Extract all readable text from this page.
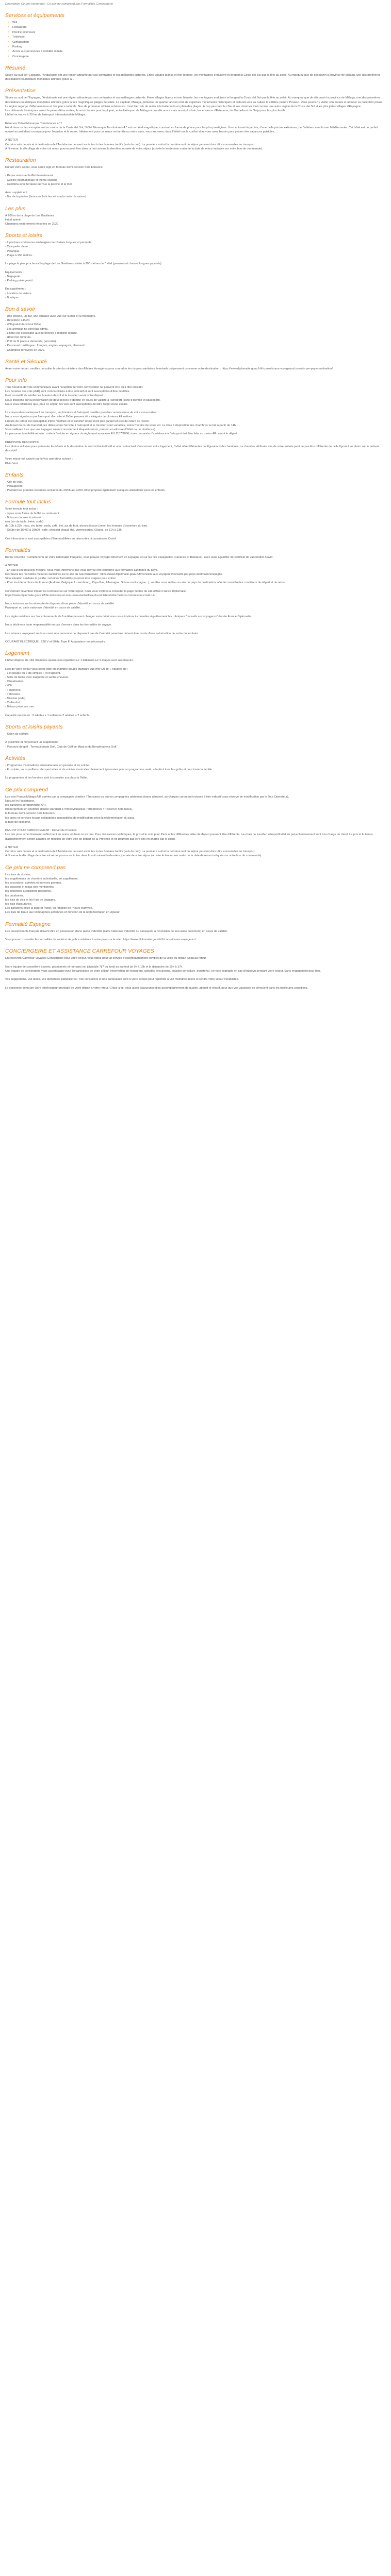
Description Ce prix comprend : Ce prix ne comprend pas Formalités Conciergerie

Services et équipements
✓ Wifi
✓ Restaurant
✓ Piscine extérieure
✓ Télévision
✓ Climatisation
✓ Parking
✓ Accès aux personnes à mobilité réduite
✓ Conciergerie
Résumé

Située au sud de l'Espagne, l'Andalousie est une région attirante par ses contrastes et ses mélanges culturels. Entre villages blancs et mer bleutée, les montagnes enduisent et longent la Costa del Sol que la fête au soleil. Au marquez que de découvrir la province de Málaga, une des premières destinations touristiques mondiales attirante grâce à...

Présentation

Située au sud de l'Espagne, l'Andalousie est une région attirante par ses contrastes et ses mélanges culturels. Entre villages blancs et mer bleutée, les montagnes enduisent et longent la Costa del Sol que la fête au soleil. Au marquez que de découvrir la province de Málaga, une des premières destinations touristiques mondiales attirante grâce à ses magnifiques plages de sable. La capitale, Málaga, présente un quartier ancien orné de superbes monuments historiques et culturels et à sa culture la célèbre peintre Picasso. Vous pourrez y visiter son musée et admirer sa collection privée. La région regorge d'effervescence et des parcs naturels. Non de promener et lieux à découvrir. Il est bien sûr de rester à la belle verts en plein des plages. À cap parcourir la côte et ses charmes tout comme une autre région de la Costa del Sol si les plus jolies villages d'Espagne.

Les bâtiments historiques valent la peine d'être visités, ils sont classés pour la plupart, entre l'aéroport de Málaga à que découvrir mais aussi plus loin, les environs d'Estepona, de Marbella et de Nerja pour les plus festifs.

L'hôtel se trouve à 20 km de l'aéroport international de Málaga.

Réservez l'hôtel Monarque Torrobriones 4 * !

Hôtel dans un lieu exceptionnel au centre de la Costa del Sol, l'hôtel Monarque Torrobriones 4 * est un hôtel magnifique, construit en forme de phare pour les plus prestigieux. Il est entouré de jardins, d'une belle piscine extérieure, de l'intérieur vers la mer Méditerranée. Cet hôtel est un parfait nouvel accueil dans un espace pour l'évasion et le repos. Idéalement pour un séjour en famille ou entre amis, vous trouverez dans l'hôtel tout le confort dont vous avez besoin pour passer des vacances paisibles.

À NOTER

Certains vols depuis et à destination de l'Andalousie peuvent avoir lieu à des horaires tardifs (vols de nuit). La première nuit et la dernière nuit du séjour peuvent donc être concernées au transport.

À l'inverse, le décollage de votre vol retour pourra avoir lieu dans la nuit suivant la dernière journée de votre séjour (arrivée le lendemain matin de la date de retour indiquée sur votre bon de commande).

Restauration

Durant votre séjour, vous serez logé en formule demi-pension hors boissons.

- Repas servis au buffet du restaurant

- Cuisine internationale et thème cooking

- Cafétéria avec terrasse sur vue la piscine et la mer.

Avec supplément :

- Bar de la piscine (boissons fraîches et snacks selon la saison).

Les plus

À 200 m de la plage de Los Gavilanes

Hôtel animé

Chambres entièrement rénovées en 2020

Sports et loisirs

- 2 piscines extérieures aménagées de chaises longues et parasols.

- Casquette d'eau.

- Pétanque.

- Plage à 250 mètres.

Le plage la plus proche est la plage de Los Gavilanes située à 200 mètres de l'hôtel (parasols et chaises longues payants).

Équipements :

- Bagagerie.

- Parking privé gratuit.

En supplément :

- Location de voiture.

- Boutique.

Bon à savoir

- Une piscine, un bar, une terrasse avec vue sur la mer et la montagne.

- Réception 24h/24.

- Wifi gratuit dans tout l'hôtel.

- Les animaux ne sont pas admis.

- L'hôtel est accessible aux personnes à mobilité réduite.

- Hôtel non-fumeurs.

- Prêt de fil plat/sur demande, (sécurité).

- Personnel multilingue : français, anglais, espagnol, allemand.

- Chambres rénovées en 2020.

Santé et Sécurité

Avant votre départ, veuillez consulter le site du ministère des Affaires étrangères pour connaître les risques sanitaires éventuels qui peuvent concerner votre destination : https://www.diplomatie.gouv.fr/fr/conseils-aux-voyageurs/conseils-par-pays-destination/

Pour info

Tous horaires de vols communiqués avant réception de votre convocation ne peuvent être qu'à titre indicatif.

Les horaires des vols (A/R) sont communiqués à titre indicatif et sont susceptibles d'être modifiés.

Il est conseillé de vérifier les horaires de vol et le transfert avant votre départ.

Nous insistons sur la présentation de deux pièces d'identité en cours de validité à l'aéroport (carte d'identité et passeport).

Nous vous informons que, pour ce séjour, les vols sont susceptibles de faire l'objet d'une escale.

La convocation s'adressant au transport, les horaires et l'aéroport, veuillez prendre connaissance de votre convocation.

Nous vous signalons que l'aéroport d'arrivée et l'hôtel peuvent être éloignés de plusieurs kilomètres.

L'heure de retour est susceptible d'être modifiée et le transfert retour n'est pas garanti en cas de retard de l'avion.

Au départ du car de transfert, les délais entre l'arrivée à l'aéroport et le transfert sont variables, selon l'horaire de votre vol. La mise à disposition des chambres se fait à partir de 14h.

Vous veillerez à ce que vos bagages soient correctement étiquetés (nom, prénom et adresse d'hôtel ou de résidence).

La personne à mobilité réduite : suite à l'entrée en vigueur du règlement européen EU 1107/2006, toute demande d'assistance à l'aéroport doit être faite au moins 48h avant le départ.

PRÉCISION DESCRIPTIF

Les photos utilisées pour présenter les hôtels et la destination le sont à titre indicatif et non contractuel. Concernant votre logement, l'hôtel offre différentes configurations de chambres. La chambre attribuée lors de votre arrivée peut ne pas être différente de celle figurant en photo sur le présent descriptif.

Votre séjour est assuré par le/vos opérateur suivant :

Plein Vent

Enfants

- Aire de jeux.

- Pataugeoire.

- Pendant les grandes vacances scolaires du 20/06 au 10/09, hôtel propose également quelques animations pour les enfants.

Formule tout inclus

Votre formule tout inclus :

- repas sous forme de buffet au restaurant

- Boissons locales à volonté :

eau (vin de table, bière, soda)

de 10h à 23h : eau, vin, bière, soda, café, thé, jus de fruit, alcools locaux (selon les horaires d'ouverture du bar).

- Goûter de 16h00 à 18h00 : café, chocolat chaud, thé, viennoiseries, Glaces, de 11h à 23h.

Ces informations sont susceptibles d'être modifiées en raison des circonstances Covid.

Formalités

Bonne nouvelle : Compte tenu de votre nationalité française, vous pouvez voyager librement en Espagne et sur les îles espagnoles (Canaries et Baléares), avec avoir à justifier de certificat de vaccination Covid.

À NOTER

- En cas d'une nouvelle mesure, nous vous informons que vous devrez être conforme aux formalités sanitaires du pays.

Retrouvez les nouvelles mesures sanitaires sur le site du Gouvernement : https://www.diplomatie.gouv.fr/fr/conseils-aux-voyageurs/conseils-par-pays-destination/espagne

Si la situation sanitaire le justifie, certaines formalités pourront être exigées pour entrer.

- Pour tout départ hors de France (Andorre, Belgique, Luxembourg, Pays-Bas, Allemagne, Suisse ou Espagne...), veuillez vous référer au site du pays de destination, afin de connaître les conditions de départ et de retour.

Concernant l'éventuel impact du Coronavirus sur votre séjour, nous vous invitons à consulter la page dédiée du site officiel France Diplomatie :

https://www.diplomatie.gouv.fr/fr/le-ministere-et-son-reseau/actualites-du-ministere/informations-coronavirus-covid-19/

Nous insistons sur la nécessité de disposer d'une pièce d'identité en cours de validité.

Passeport ou carte nationale d'identité en cours de validité.

Les règles relatives aux franchissements de frontière peuvent changer sans délai, nous vous invitons à consulter régulièrement les rubriques "conseils aux voyageurs" du site France Diplomatie.

Nous déclinons toute responsabilité en cas d'erreurs dans les formalités de voyage.

Les mineurs voyageant seuls ou avec une personne ne disposant pas de l'autorité parentale doivent être munis d'une autorisation de sortie du territoire.

COURANT ÉLECTRIQUE : 230 V et 50Hz. Type F. Adaptateur non nécessaire.

Logement

L'hôtel dispose de 184 chambres spacieuses réparties sur 1 bâtiment sur 9 étages avec ascenseurs.

Lors de votre séjour vous serez logé en chambre double standard vue mer (25 m²), équipée de :

- 1 lit double ou 2 lits simples + lit d'appoint.

- Salle de bains avec baignoire et sèche-cheveux.

- Climatisation.

- Wifi.

- Téléphone.

- Télévision.

- Mini-bar (vide).

- Coffre-fort.

- Balcon privé vue mer.

Capacité maximum : 3 adultes + 1 enfant ou 2 adultes + 2 enfants.

Sports et loisirs payants

- Salon de coiffure.

À proximité et moyennant un supplément :

- Parcours de golf : Torrequebrada Golf, Club de Golf de Mijas et du Benalmadena Golf.

Activités

- Programme d'animations internationales en journée et en soirée.

- En soirée, vous profiterez de spectacles et de soirées musicales pleinement épanouies pour un programme varié, adapté à tous les goûts et pour toute la famille.

Le programme et les horaires sont à consulter sur place à l'hôtel.

Ce prix comprend

Les vols France/Málaga A/R opérés par la compagnie charters / Transavia ou autres compagnies aériennes (taxes aéroport, surcharges carburant incluses à titre indicatif sous réserve de modification par le Tour Opérateur),

l'accueil et l'assistance,

les transferts aéroport/hôtel A/R,

l'hébergement en chambre double standard à l'hôtel Monarque Torrobriones 4* (réservé hors taxes),

la formule demi-pension hors boissons,

les taxes et services locaux obligatoires susceptibles de modification selon la réglementation du pays,

la taxe de solidarité.

PAS D'IT POUR D'ABONNEMENT : Départ de Province

Les prix pour acheminement s'effectuent en avion, en train ou en bus. Pour des raisons techniques, le prix et le nom pour Paris et les différentes villes de départ pourront être différents. Les frais de transfert aéroport/hôtel en pré-acheminement sont à la charge du client. Le prix et le temps d'acheminement seront adaptés en fonction de votre ville de départ de la Province et ne pourront pas être pris en charge par le client.

À NOTER

Certains vols depuis et à destination de l'Andalousie peuvent avoir lieu à des horaires tardifs (vols de nuit). La première nuit et la dernière nuit du séjour peuvent donc être concernées au transport.

À l'inverse le décollage de votre vol retour pourra avoir lieu dans la nuit suivant la dernière journée de votre séjour (arrivée le lendemain matin de la date de retour indiquée sur votre bon de commande).

Ce prix ne comprend pas

Les frais de dossier,

les suppléments de chambre individuelle, en supplément,

les excursions, activités et services payants,

les boissons et repas non mentionnés,

les dépenses à caractère personnel,

les pourboires,

les frais de visa et les frais de bagages,

les frais d'assurance.

Les transferts entre la gare et l'hôtel, en fonction de l'heure d'arrivée.

Les frais de tenue aux compagnies aériennes en fonction de la réglementation en vigueur.

Formalité Espagne

Les ressortissants français doivent être en possession d'une pièce d'identité (carte nationale d'identité ou passeport, à l'exclusion de tout autre document) en cours de validité.

Vous pouvez consulter les formalités de santé et de police relatives à votre pays sur le site : https://www.diplomatie.gouv.fr/fr/conseils-aux-voyageurs/

CONCIERGERIE ET ASSISTANCE CARREFOUR VOYAGES

En réservant Carrefour Voyages Conciergerie pour votre séjour, vous optez pour un service d'accompagnement complet de la veille du départ jusqu'au retour.

Notre équipe de conseillers experts, passionnés et humains est joignable 7j/7 du lundi au samedi de 9h à 19h et le dimanche de 10h à 17h.

Une équipe de conciergerie vous accompagne pour l'organisation de votre séjour (réservation de restaurant, activités, excursions, location de voiture, transferts), et reste joignable en cas d'imprévu pendant votre séjour. Sans engagement pour rien.

Vos suggestions, vos idées, vos demandes particulières : nos conseillers et nos partenaires sont à votre écoute pour répondre à vos moindres désirs et rendre votre séjour inoubliable.

Le concierge demeure votre interlocuteur privilégié de votre départ à votre retour. Grâce à lui, vous aurez l'assurance d'un accompagnement de qualité, attentif et réactif, pour que vos vacances se déroulent dans les meilleures conditions.
